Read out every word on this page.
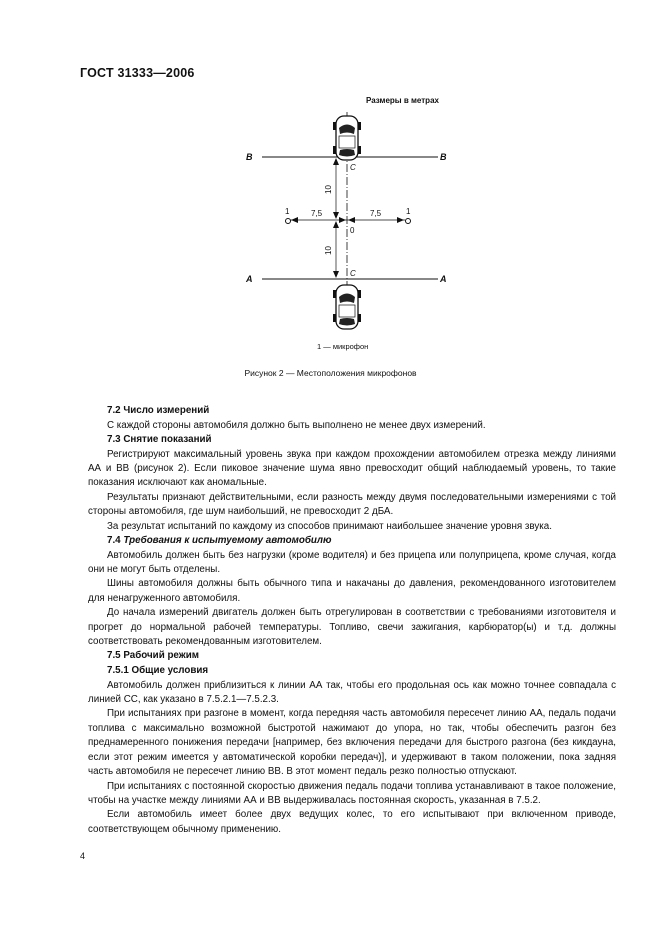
ГОСТ 31333—2006
Размеры в метрах
B	B
A	A
C
C
0
10
10
7,5	7,5
1	1
1 — микрофон
Рисунок 2 — Местоположения микрофонов
7.2 Число измерений

С каждой стороны автомобиля должно быть выполнено не менее двух измерений.

7.3 Снятие показаний

Регистрируют максимальный уровень звука при каждом прохождении автомобилем отрезка между линиями АА и ВВ (рисунок 2). Если пиковое значение шума явно превосходит общий наблюдаемый уровень, то такие показания исключают как аномальные.

Результаты признают действительными, если разность между двумя последовательными измерениями с той стороны автомобиля, где шум наибольший, не превосходит 2 дБА.

За результат испытаний по каждому из способов принимают наибольшее значение уровня звука.

7.4 Требования к испытуемому автомобилю

Автомобиль должен быть без нагрузки (кроме водителя) и без прицепа или полуприцепа, кроме случая, когда они не могут быть отделены.

Шины автомобиля должны быть обычного типа и накачаны до давления, рекомендованного изготовителем для ненагруженного автомобиля.

До начала измерений двигатель должен быть отрегулирован в соответствии с требованиями изготовителя и прогрет до нормальной рабочей температуры. Топливо, свечи зажигания, карбюратор(ы) и т.д. должны соответствовать рекомендованным изготовителем.

7.5 Рабочий режим
7.5.1 Общие условия

Автомобиль должен приблизиться к линии АА так, чтобы его продольная ось как можно точнее совпадала с линией СС, как указано в 7.5.2.1—7.5.2.3.

При испытаниях при разгоне в момент, когда передняя часть автомобиля пересечет линию АА, педаль подачи топлива с максимально возможной быстротой нажимают до упора, но так, чтобы обеспечить разгон без преднамеренного понижения передачи [например, без включения передачи для быстрого разгона (без кикдауна, если этот режим имеется у автоматической коробки передач)], и удерживают в таком положении, пока задняя часть автомобиля не пересечет линию ВВ. В этот момент педаль резко полностью отпускают.

При испытаниях с постоянной скоростью движения педаль подачи топлива устанавливают в такое положение, чтобы на участке между линиями АА и ВВ выдерживалась постоянная скорость, указанная в 7.5.2.

Если автомобиль имеет более двух ведущих колес, то его испытывают при включенном приводе, соответствующем обычному применению.

4
